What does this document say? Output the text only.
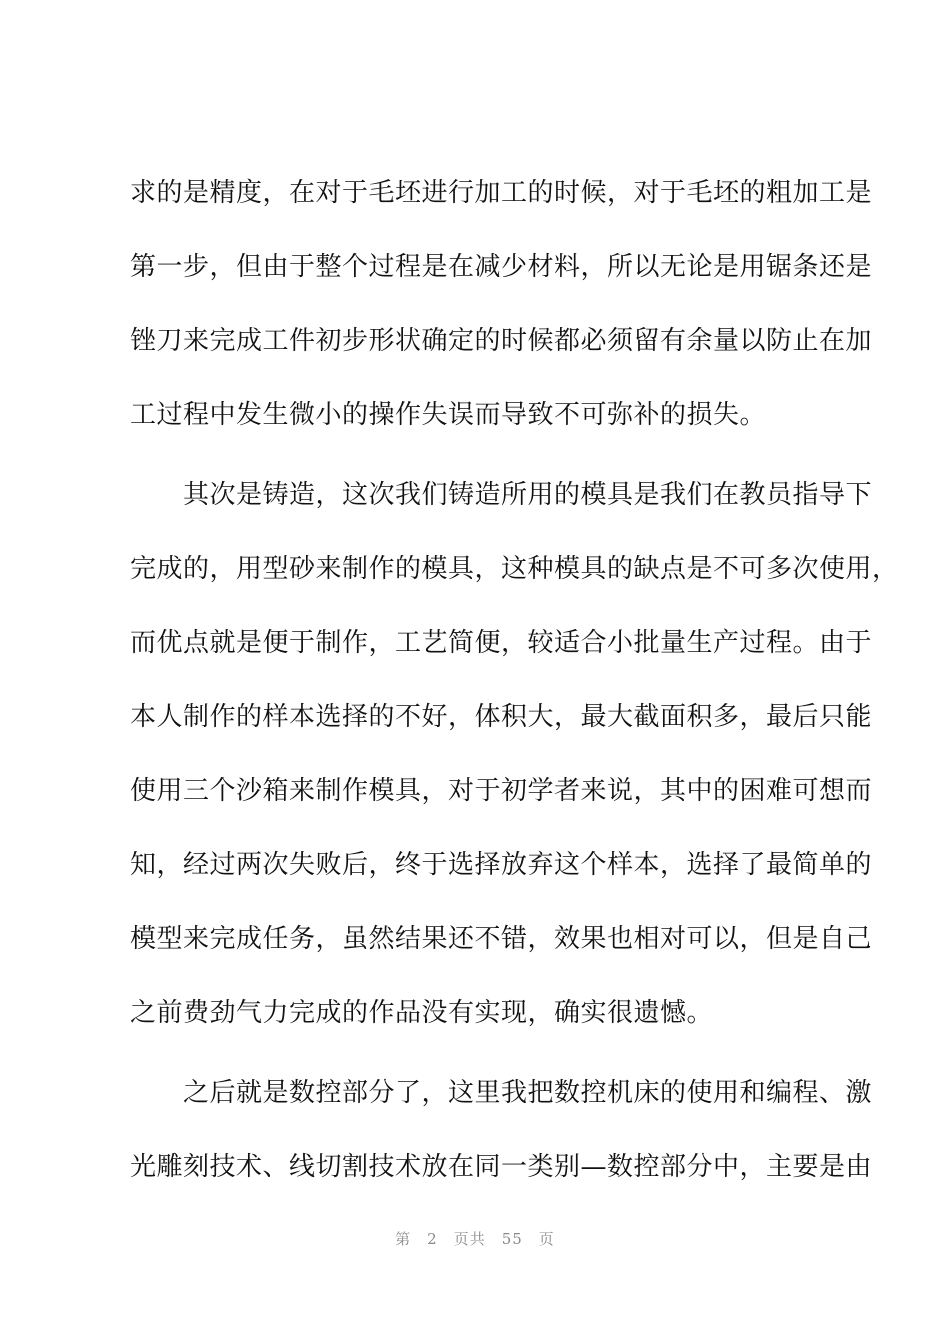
求的是精度，在对于毛坯进行加工的时候，对于毛坯的粗加工是
第一步，但由于整个过程是在减少材料，所以无论是用锯条还是
锉刀来完成工件初步形状确定的时候都必须留有余量以防止在加
工过程中发生微小的操作失误而导致不可弥补的损失。
　　其次是铸造，这次我们铸造所用的模具是我们在教员指导下
完成的，用型砂来制作的模具，这种模具的缺点是不可多次使用，
而优点就是便于制作，工艺简便，较适合小批量生产过程。由于
本人制作的样本选择的不好，体积大，最大截面积多，最后只能
使用三个沙箱来制作模具，对于初学者来说，其中的困难可想而
知，经过两次失败后，终于选择放弃这个样本，选择了最简单的
模型来完成任务，虽然结果还不错，效果也相对可以，但是自己
之前费劲气力完成的作品没有实现，确实很遗憾。
　　之后就是数控部分了，这里我把数控机床的使用和编程、激
光雕刻技术、线切割技术放在同一类别—数控部分中，主要是由
第　2　页共　55　页
